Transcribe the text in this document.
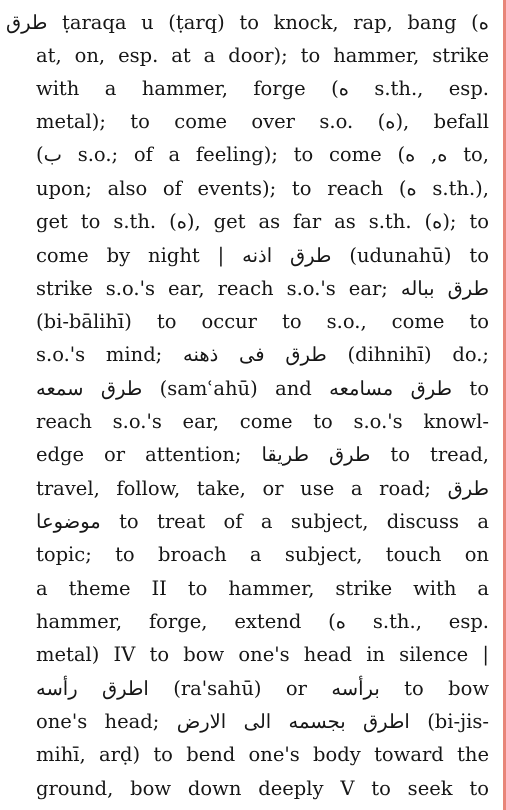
طرق ṭaraqa u (ṭarq) to knock, rap, bang (ه
at, on, esp. at a door); to hammer, strike
with a hammer, forge (ه s.th., esp.
metal); to come over s.o. (ه), befall
(ب s.o.; of a feeling); to come (ه, ه to,
upon; also of events); to reach (ه s.th.),
get to s.th. (ه), get as far as s.th. (ه); to
come by night | طرق اذنه (udunahū) to
strike s.o.'s ear, reach s.o.'s ear; طرق بباله
(bi-bālihī) to occur to s.o., come to
s.o.'s mind; طرق فى ذهنه (dihnihī) do.;
طرق سمعه (samʿahū) and طرق مسامعه to
reach s.o.'s ear, come to s.o.'s knowl-
edge or attention; طرق طريقا to tread,
travel, follow, take, or use a road; طرق
موضوعا to treat of a subject, discuss a
topic; to broach a subject, touch on
a theme II to hammer, strike with a
hammer, forge, extend (ه s.th., esp.
metal) IV to bow one's head in silence |
اطرق رأسه (ra'sahū) or برأسه to bow
one's head; اطرق بجسمه الى الارض (bi-jis-
mihī, arḍ) to bend one's body toward the
ground, bow down deeply V to seek to
